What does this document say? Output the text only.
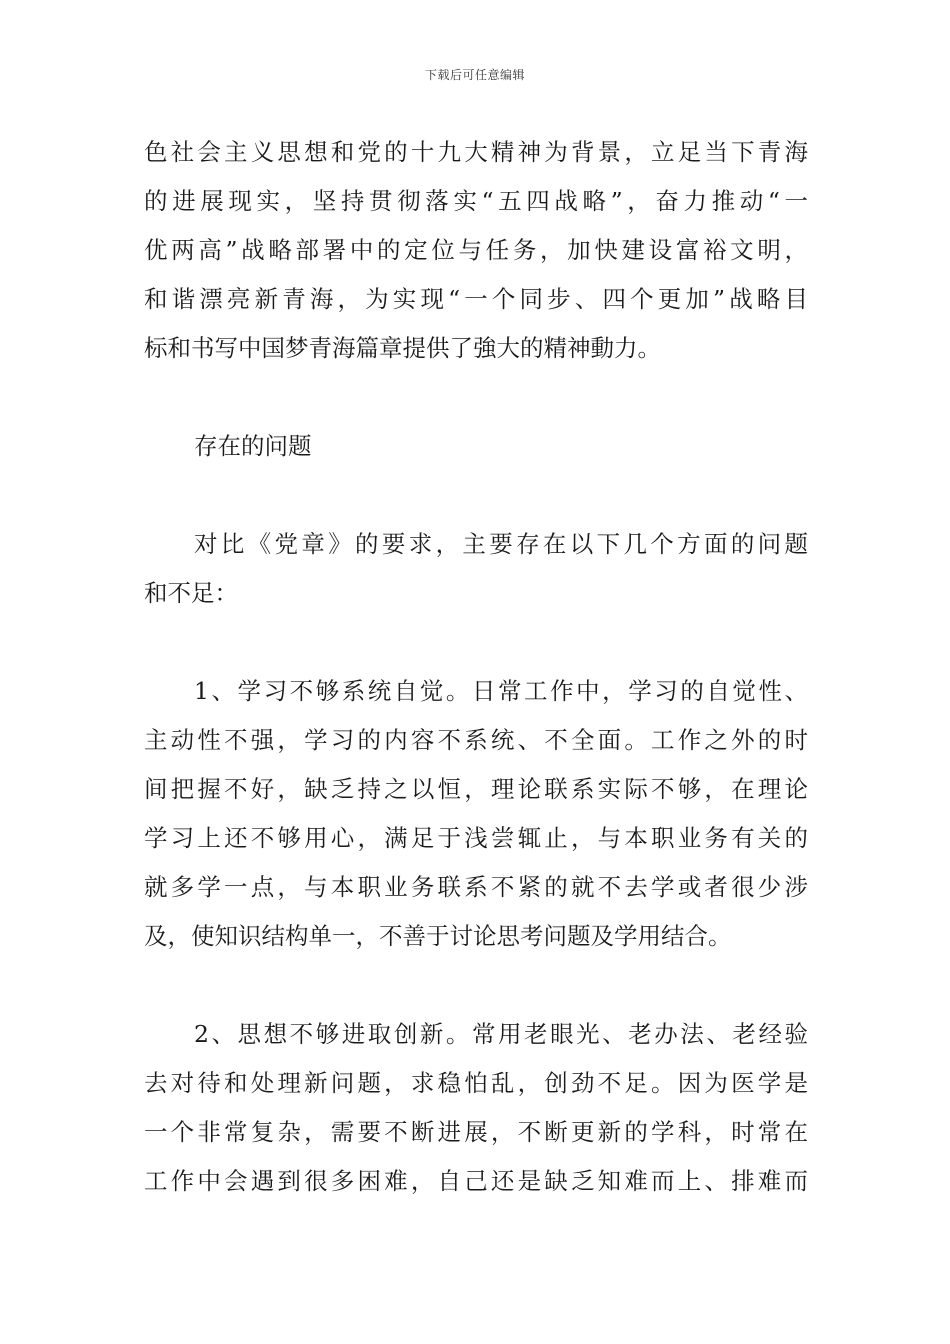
下载后可任意编辑
色社会主义思想和党的十九大精神为背景，立足当下青海
的进展现实，坚持贯彻落实“五四战略”，奋力推动“一
优两高”战略部署中的定位与任务，加快建设富裕文明，
和谐漂亮新青海，为实现“一个同步、四个更加”战略目
标和书写中国梦青海篇章提供了強大的精神動力。
存在的问题
对比《党章》的要求，主要存在以下几个方面的问题
和不足：
1、学习不够系统自觉。日常工作中，学习的自觉性、
主动性不强，学习的内容不系统、不全面。工作之外的时
间把握不好，缺乏持之以恒，理论联系实际不够，在理论
学习上还不够用心，满足于浅尝辄止，与本职业务有关的
就多学一点，与本职业务联系不紧的就不去学或者很少涉
及，使知识结构单一，不善于讨论思考问题及学用结合。
2、思想不够进取创新。常用老眼光、老办法、老经验
去对待和处理新问题，求稳怕乱，创劲不足。因为医学是
一个非常复杂，需要不断进展，不断更新的学科，时常在
工作中会遇到很多困难，自己还是缺乏知难而上、排难而
